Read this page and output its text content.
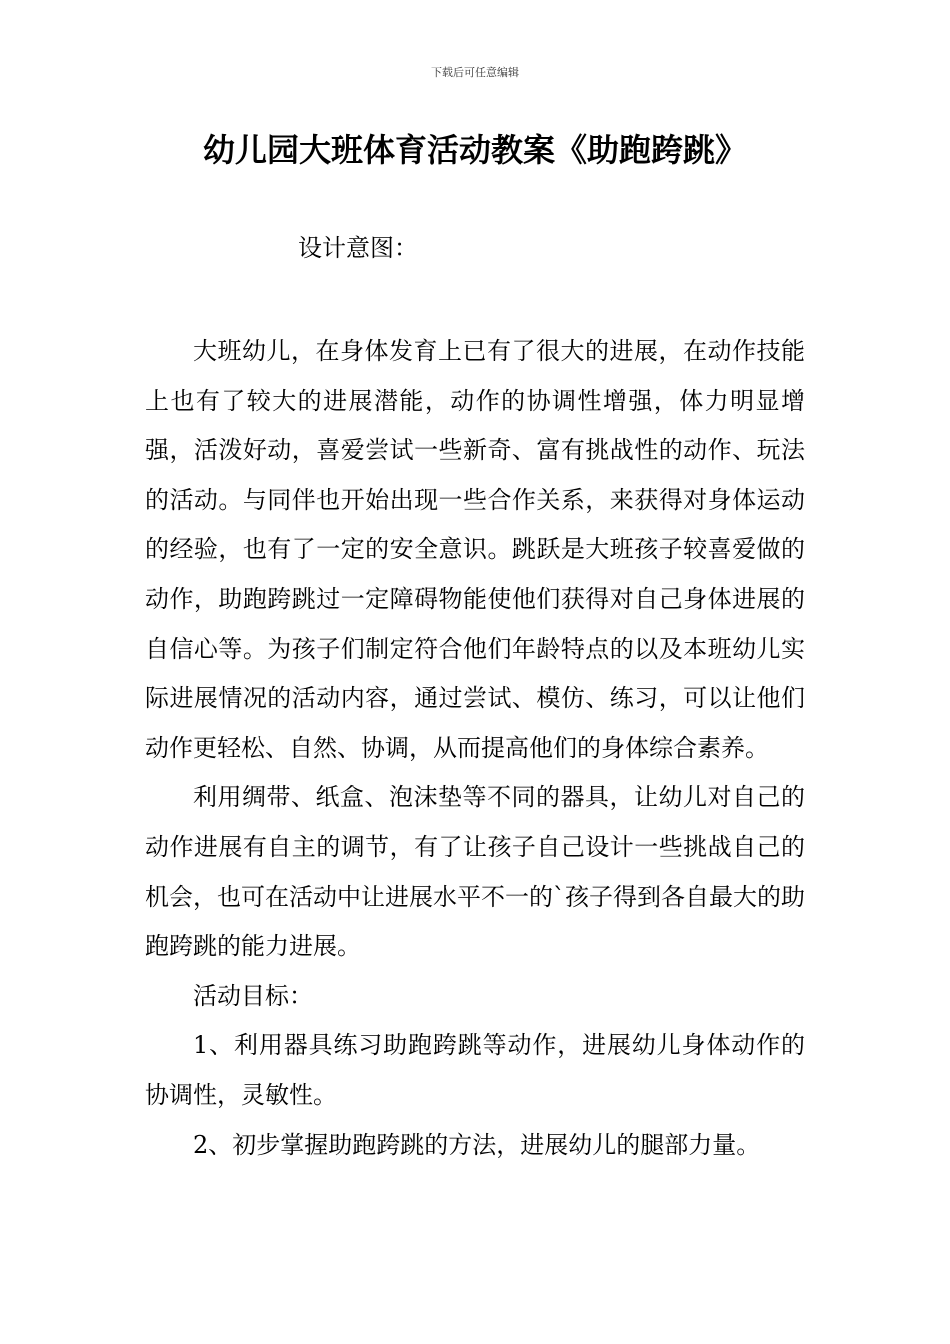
下载后可任意编辑
幼儿园大班体育活动教案《助跑跨跳》
设计意图：

大班幼儿，在身体发育上已有了很大的进展，在动作技能上也有了较大的进展潜能，动作的协调性增强，体力明显增强，活泼好动，喜爱尝试一些新奇、富有挑战性的动作、玩法的活动。与同伴也开始出现一些合作关系，来获得对身体运动的经验，也有了一定的安全意识。跳跃是大班孩子较喜爱做的动作，助跑跨跳过一定障碍物能使他们获得对自己身体进展的自信心等。为孩子们制定符合他们年龄特点的以及本班幼儿实际进展情况的活动内容，通过尝试、模仿、练习，可以让他们动作更轻松、自然、协调，从而提高他们的身体综合素养。

利用绸带、纸盒、泡沫垫等不同的器具，让幼儿对自己的动作进展有自主的调节，有了让孩子自己设计一些挑战自己的机会，也可在活动中让进展水平不一的`孩子得到各自最大的助跑跨跳的能力进展。

活动目标：

1、利用器具练习助跑跨跳等动作，进展幼儿身体动作的协调性，灵敏性。

2、初步掌握助跑跨跳的方法，进展幼儿的腿部力量。
